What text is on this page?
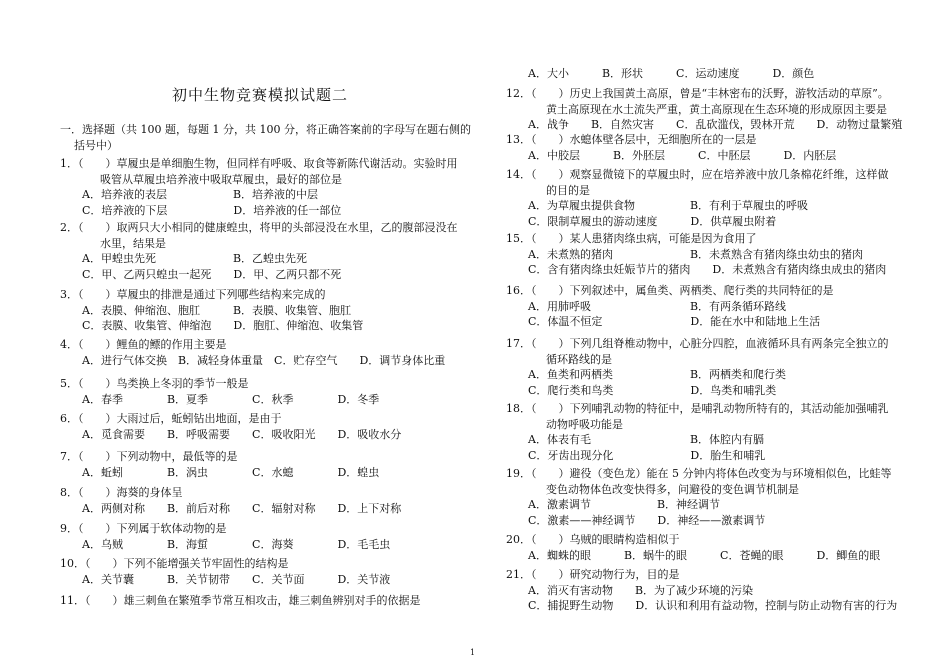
初中生物竞赛模拟试题二

一．选择题（共 100 题，每题 1 分，共 100 分，将正确答案前的字母写在题右侧的括号中）

1．（　　）草履虫是单细胞生物，但同样有呼吸、取食等新陈代谢活动。实验时用吸管从草履虫培养液中吸取草履虫，最好的部位是

A．培养液的表层　　　　　　B．培养液的中层

C．培养液的下层　　　　　　D．培养液的任一部位

2．（　　）取两只大小相同的健康蝗虫，将甲的头部浸没在水里，乙的腹部浸没在水里，结果是

A．甲蝗虫先死　　　　　　　B．乙蝗虫先死

C．甲、乙两只蝗虫一起死　　D．甲、乙两只都不死

3．（　　）草履虫的排泄是通过下列哪些结构来完成的

A．表膜、伸缩泡、胞肛　　　B．表膜、收集管、胞肛

C．表膜、收集管、伸缩泡　　D．胞肛、伸缩泡、收集管

4．（　　）鲤鱼的鳔的作用主要是

A．进行气体交换　B．减轻身体重量　C．贮存空气　　D．调节身体比重

5．（　　）鸟类换上冬羽的季节一般是

A．春季　　　　B．夏季　　　　C．秋季　　　　D．冬季

6．（　　）大雨过后，蚯蚓钻出地面，是由于

A．觅食需要　　B．呼吸需要　　C．吸收阳光　　D．吸收水分

7．（　　）下列动物中，最低等的是

A．蚯蚓　　　　B．涡虫　　　　C．水螅　　　　D．蝗虫

8．（　　）海葵的身体呈

A．两侧对称　　B．前后对称　　C．辐射对称　　D．上下对称

9．（　　）下列属于软体动物的是

A．乌贼　　　　B．海蜇　　　　C．海葵　　　　D．毛毛虫

10．（　　）下列不能增强关节牢固性的结构是

A．关节囊　　　B．关节韧带　　C．关节面　　　D．关节液

11．（　　）雄三刺鱼在繁殖季节常互相攻击，雄三刺鱼辨别对手的依据是

A．大小　　　B．形状　　　C．运动速度　　　D．颜色

12．（　　）历史上我国黄土高原，曾是“丰林密布的沃野，游牧活动的草原”。黄土高原现在水土流失严重，黄土高原现在生态环境的形成原因主要是

A．战争　　B．自然灾害　　C．乱砍滥伐，毁林开荒　　D．动物过量繁殖

13．（　　）水螅体壁各层中，无细胞所在的一层是

A．中胶层　　　B．外胚层　　　C．中胚层　　　D．内胚层

14．（　　）观察显微镜下的草履虫时，应在培养液中放几条棉花纤维，这样做的目的是

A．为草履虫提供食物　　　　　B．有利于草履虫的呼吸

C．限制草履虫的游动速度　　　D．供草履虫附着

15．（　　）某人患猪肉绦虫病，可能是因为食用了

A．未煮熟的猪肉　　　　　　　B．未煮熟含有猪肉绦虫幼虫的猪肉

C．含有猪肉绦虫妊娠节片的猪肉　　D．未煮熟含有猪肉绦虫成虫的猪肉

16．（　　）下列叙述中，属鱼类、两栖类、爬行类的共同特征的是

A．用肺呼吸　　　　　　　　　B．有两条循环路线

C．体温不恒定　　　　　　　　D．能在水中和陆地上生活

17．（　　）下列几组脊椎动物中，心脏分四腔，血液循环具有两条完全独立的循环路线的是

A．鱼类和两栖类　　　　　　　B．两栖类和爬行类

C．爬行类和鸟类　　　　　　　D．鸟类和哺乳类

18．（　　）下列哺乳动物的特征中，是哺乳动物所特有的，其活动能加强哺乳动物呼吸功能是

A．体表有毛　　　　　　　　　B．体腔内有膈

C．牙齿出现分化　　　　　　　D．胎生和哺乳

19．（　　）避役（变色龙）能在 5 分钟内将体色改变为与环境相似色，比蛙等变色动物体色改变快得多，问避役的变色调节机制是

A．激素调节　　　　　　B．神经调节

C．激素——神经调节　　D．神经——激素调节

20．（　　）乌贼的眼睛构造相似于

A．蜘蛛的眼　　　B．蜗牛的眼　　　C．苍蝇的眼　　　D．鲫鱼的眼

21．（　　）研究动物行为，目的是

A．消灭有害动物　　B．为了减少环境的污染

C．捕捉野生动物　　D．认识和利用有益动物，控制与防止动物有害的行为

1
